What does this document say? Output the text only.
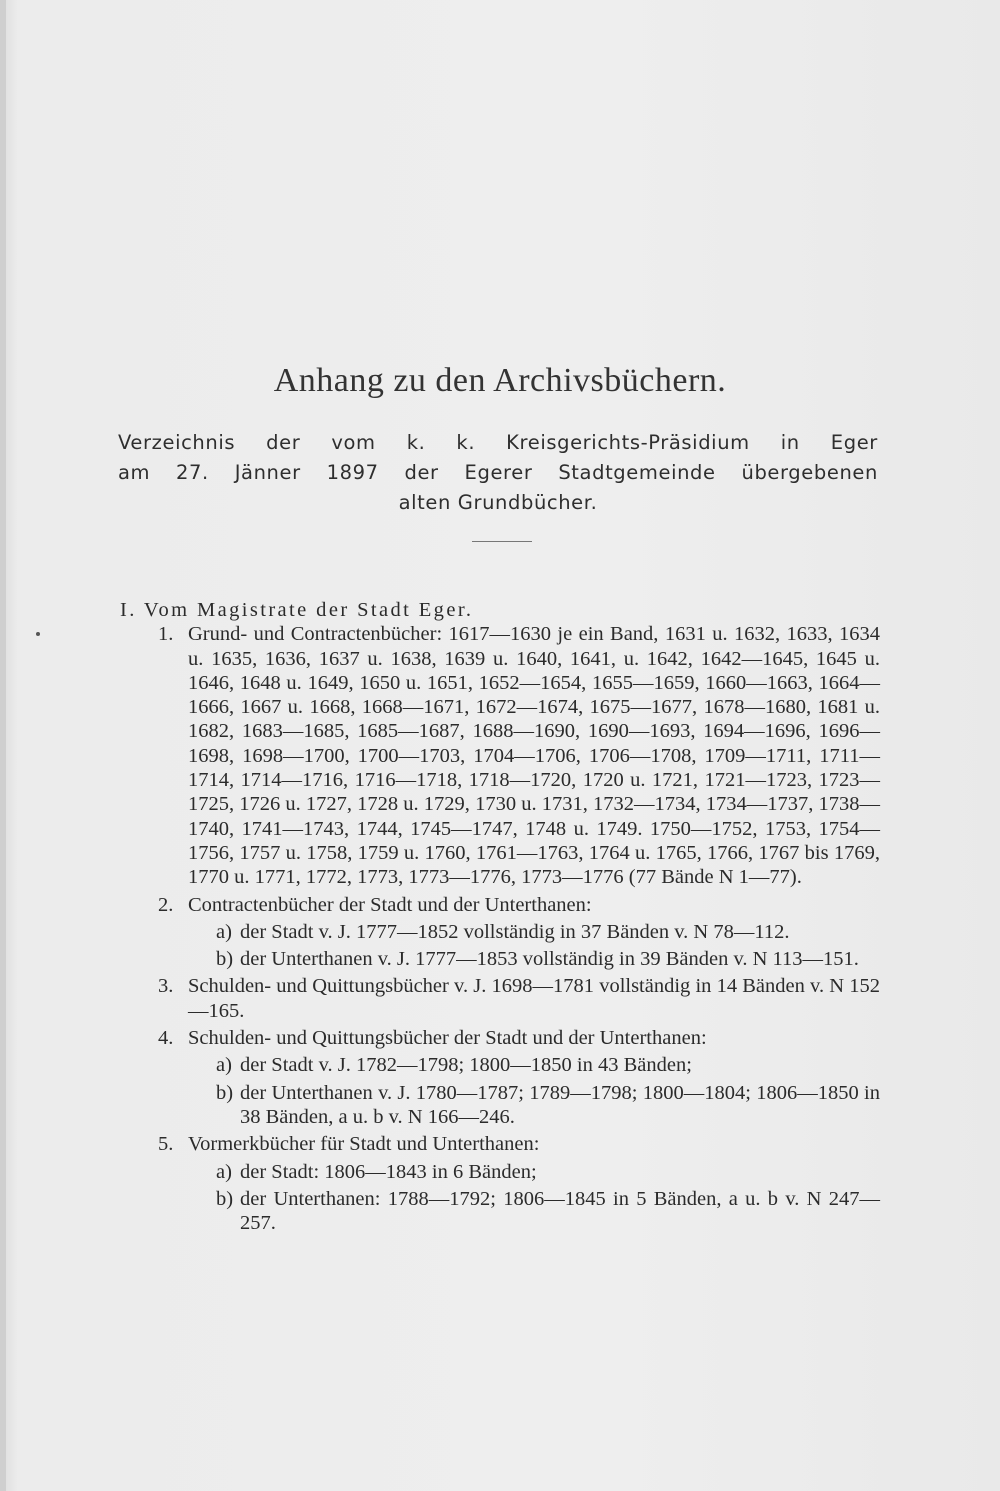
Anhang zu den Archivsbüchern.
Verzeichnis der vom k. k. Kreisgerichts-Präsidium in Eger
am 27. Jänner 1897 der Egerer Stadtgemeinde übergebenen
alten Grundbücher.

I. Vom Magistrate der Stadt Eger.

1. Grund- und Contractenbücher: 1617—1630 je ein Band, 1631 u. 1632, 1633, 1634 u. 1635, 1636, 1637 u. 1638, 1639 u. 1640, 1641, u. 1642, 1642—1645, 1645 u. 1646, 1648 u. 1649, 1650 u. 1651, 1652—1654, 1655—1659, 1660—1663, 1664—1666, 1667 u. 1668, 1668—1671, 1672—1674, 1675—1677, 1678—1680, 1681 u. 1682, 1683—1685, 1685—1687, 1688—1690, 1690—1693, 1694—1696, 1696—1698, 1698—1700, 1700—1703, 1704—1706, 1706—1708, 1709—1711, 1711—1714, 1714—1716, 1716—1718, 1718—1720, 1720 u. 1721, 1721—1723, 1723—1725, 1726 u. 1727, 1728 u. 1729, 1730 u. 1731, 1732—1734, 1734—1737, 1738—1740, 1741—1743, 1744, 1745—1747, 1748 u. 1749. 1750—1752, 1753, 1754—1756, 1757 u. 1758, 1759 u. 1760, 1761—1763, 1764 u. 1765, 1766, 1767 bis 1769, 1770 u. 1771, 1772, 1773, 1773—1776, 1773—1776 (77 Bände N 1—77).

2. Contractenbücher der Stadt und der Unterthanen:

a) der Stadt v. J. 1777—1852 vollständig in 37 Bänden v. N 78—112.

b) der Unterthanen v. J. 1777—1853 vollständig in 39 Bänden v. N 113—151.

3. Schulden- und Quittungsbücher v. J. 1698—1781 vollständig in 14 Bänden v. N 152—165.

4. Schulden- und Quittungsbücher der Stadt und der Unterthanen:

a) der Stadt v. J. 1782—1798; 1800—1850 in 43 Bänden;

b) der Unterthanen v. J. 1780—1787; 1789—1798; 1800—1804; 1806—1850 in 38 Bänden, a u. b v. N 166—246.

5. Vormerkbücher für Stadt und Unterthanen:

a) der Stadt: 1806—1843 in 6 Bänden;

b) der Unterthanen: 1788—1792; 1806—1845 in 5 Bänden, a u. b v. N 247—257.
